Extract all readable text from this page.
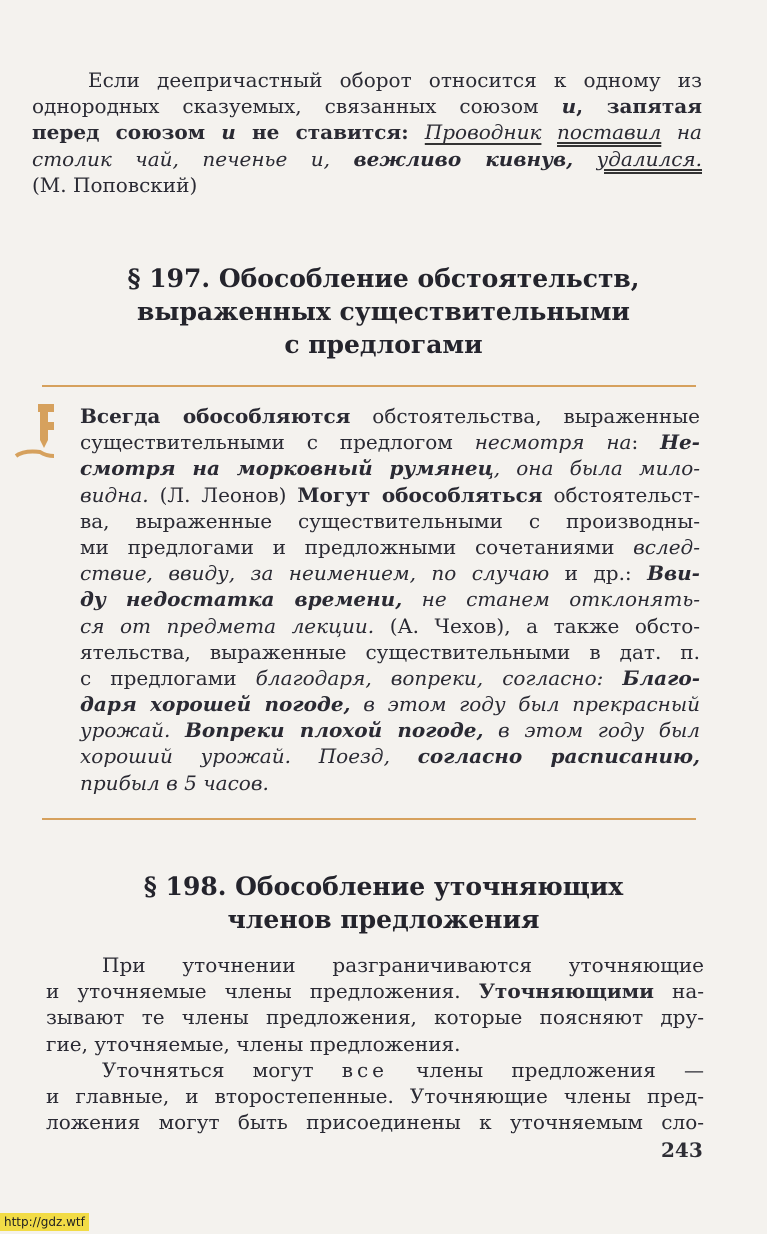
Если деепричастный оборот относится к одному из
однородных сказуемых, связанных союзом и, запятая
перед союзом и не ставится: Проводник поставил на
столик чай, печенье и, вежливо кивнув, удалился.
(М. Поповский)
§ 197. Обособление обстоятельств,
выраженных существительными
с предлогами
Всегда обособляются обстоятельства, выраженные
существительными с предлогом несмотря на: Не-
смотря на морковный румянец, она была мило-
видна. (Л. Леонов) Могут обособляться обстоятельст-
ва, выраженные существительными с производны-
ми предлогами и предложными сочетаниями вслед-
ствие, ввиду, за неимением, по случаю и др.: Вви-
ду недостатка времени, не станем отклонять-
ся от предмета лекции. (А. Чехов), а также обсто-
ятельства, выраженные существительными в дат. п.
с предлогами благодаря, вопреки, согласно: Благо-
даря хорошей погоде, в этом году был прекрасный
урожай. Вопреки плохой погоде, в этом году был
хороший урожай. Поезд, согласно расписанию,
прибыл в 5 часов.
§ 198. Обособление уточняющих
членов предложения
При уточнении разграничиваются уточняющие
и уточняемые члены предложения. Уточняющими на-
зывают те члены предложения, которые поясняют дру-
гие, уточняемые, члены предложения.
Уточняться могут все члены предложения —
и главные, и второстепенные. Уточняющие члены пред-
ложения могут быть присоединены к уточняемым сло-
243
http://gdz.wtf
